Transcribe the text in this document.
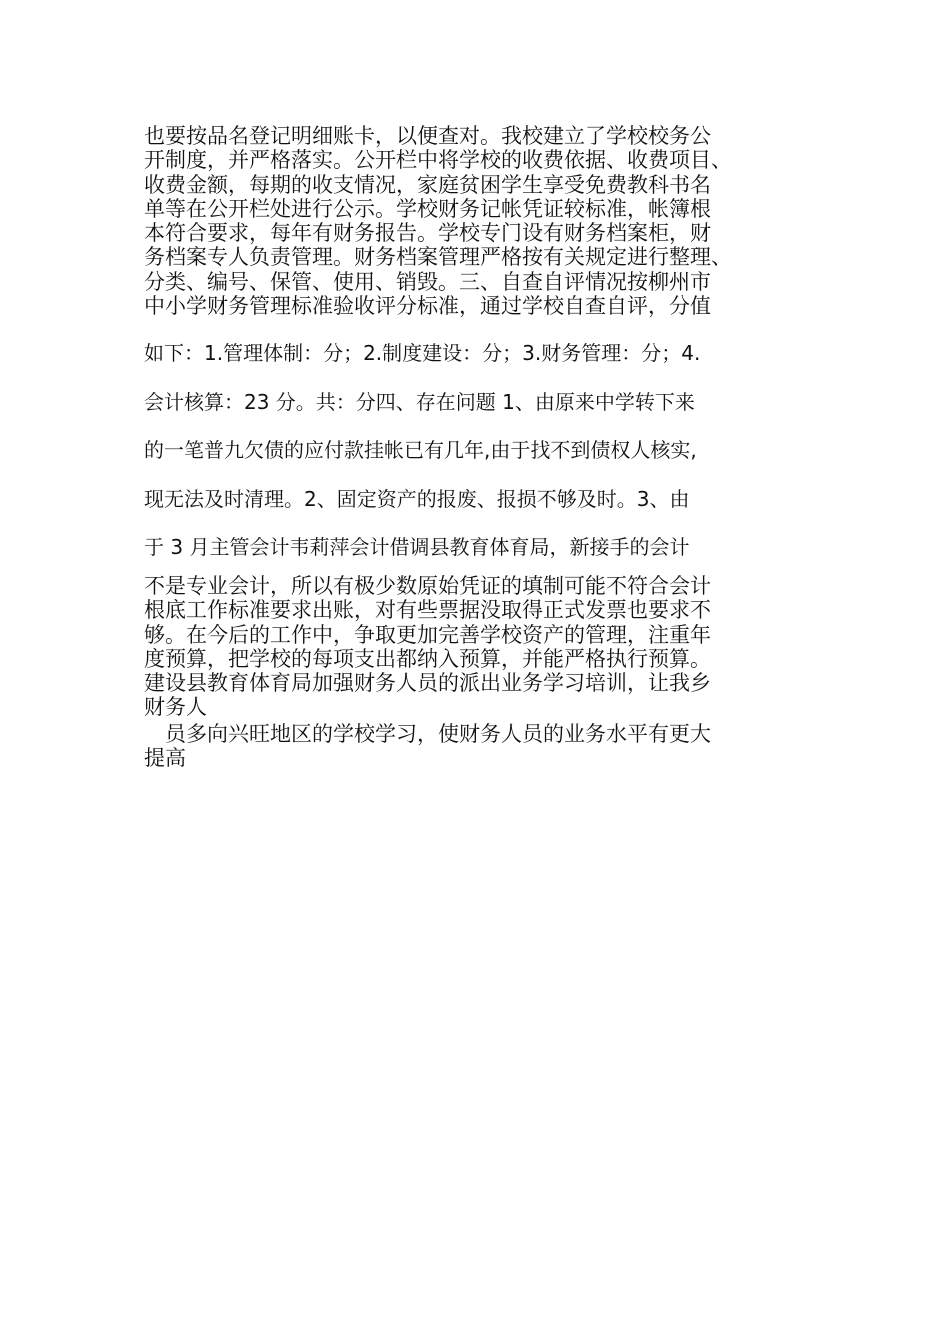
也要按品名登记明细账卡，以便查对。我校建立了学校校务公
开制度，并严格落实。公开栏中将学校的收费依据、收费项目、
收费金额，每期的收支情况，家庭贫困学生享受免费教科书名
单等在公开栏处进行公示。学校财务记帐凭证较标准，帐簿根
本符合要求，每年有财务报告。学校专门设有财务档案柜，财
务档案专人负责管理。财务档案管理严格按有关规定进行整理、
分类、编号、保管、使用、销毁。三、自查自评情况按柳州市
中小学财务管理标准验收评分标准，通过学校自查自评，分值
如下：1.管理体制：分；2.制度建设：分；3.财务管理：分；4.
会计核算：23 分。共：分四、存在问题 1、由原来中学转下来
的一笔普九欠债的应付款挂帐已有几年,由于找不到债权人核实,
现无法及时清理。2、固定资产的报废、报损不够及时。3、由
于 3 月主管会计韦莉萍会计借调县教育体育局，新接手的会计
不是专业会计，所以有极少数原始凭证的填制可能不符合会计
根底工作标准要求出账，对有些票据没取得正式发票也要求不
够。在今后的工作中，争取更加完善学校资产的管理，注重年
度预算，把学校的每项支出都纳入预算，并能严格执行预算。
建设县教育体育局加强财务人员的派出业务学习培训，让我乡
财务人
　员多向兴旺地区的学校学习，使财务人员的业务水平有更大
提高
